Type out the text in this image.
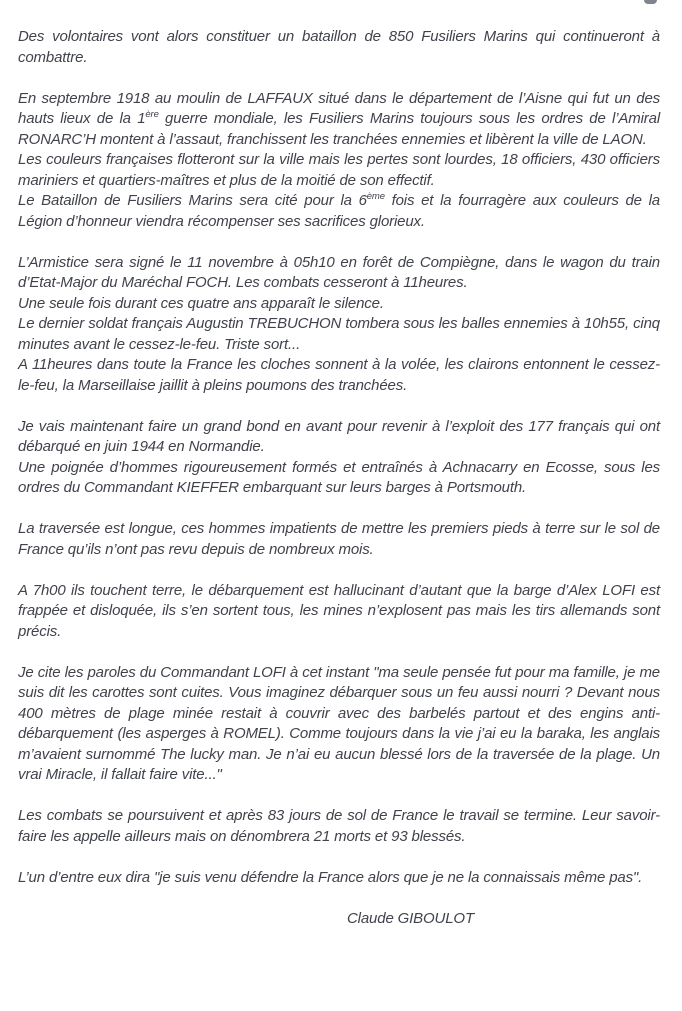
Des volontaires vont alors constituer un bataillon de 850 Fusiliers Marins qui continueront à combattre.

En septembre 1918 au moulin de LAFFAUX situé dans le département de l’Aisne qui fut un des hauts lieux de la 1ère guerre mondiale, les Fusiliers Marins toujours sous les ordres de l’Amiral RONARC’H montent à l’assaut, franchissent les tranchées ennemies et libèrent la ville de LAON.

Les couleurs françaises flotteront sur la ville mais les pertes sont lourdes, 18 officiers, 430 officiers mariniers et quartiers-maîtres et plus de la moitié de son effectif.

Le Bataillon de Fusiliers Marins sera cité pour la 6ème fois et la fourragère aux couleurs de la Légion d’honneur viendra récompenser ses sacrifices glorieux.

L’Armistice sera signé le 11 novembre à 05h10 en forêt de Compiègne, dans le wagon du train d’Etat-Major du Maréchal FOCH. Les combats cesseront à 11heures.

Une seule fois durant ces quatre ans apparaît le silence.

Le dernier soldat français Augustin TREBUCHON tombera sous les balles ennemies à 10h55, cinq minutes avant le cessez-le-feu. Triste sort...

A 11heures dans toute la France les cloches sonnent à la volée, les clairons entonnent le cessez-le-feu, la Marseillaise jaillit à pleins poumons des tranchées.

Je vais maintenant faire un grand bond en avant pour revenir à l’exploit des 177 français qui ont débarqué en juin 1944 en Normandie.

Une poignée d’hommes rigoureusement formés et entraînés à Achnacarry en Ecosse, sous les ordres du Commandant KIEFFER embarquant sur leurs barges à Portsmouth.

La traversée est longue, ces hommes impatients de mettre les premiers pieds à terre sur le sol de France qu’ils n’ont pas revu depuis de nombreux mois.

A 7h00 ils touchent terre, le débarquement est hallucinant d’autant que la barge d’Alex LOFI est frappée et disloquée, ils s’en sortent tous, les mines n’explosent pas mais les tirs allemands sont précis.

Je cite les paroles du Commandant LOFI à cet instant "ma seule pensée fut pour ma famille, je me suis dit les carottes sont cuites. Vous imaginez débarquer sous un feu aussi nourri ? Devant nous 400 mètres de plage minée restait à couvrir avec des barbelés partout et des engins anti-débarquement (les asperges à ROMEL). Comme toujours dans la vie j’ai eu la baraka, les anglais m’avaient surnommé The lucky man. Je n’ai eu aucun blessé lors de la traversée de la plage. Un vrai Miracle, il fallait faire vite..."

Les combats se poursuivent et après 83 jours de sol de France le travail se termine. Leur savoir-faire les appelle ailleurs mais on dénombrera 21 morts et 93 blessés.

L’un d’entre eux dira "je suis venu défendre la France alors que je ne la connaissais même pas".

Claude GIBOULOT
